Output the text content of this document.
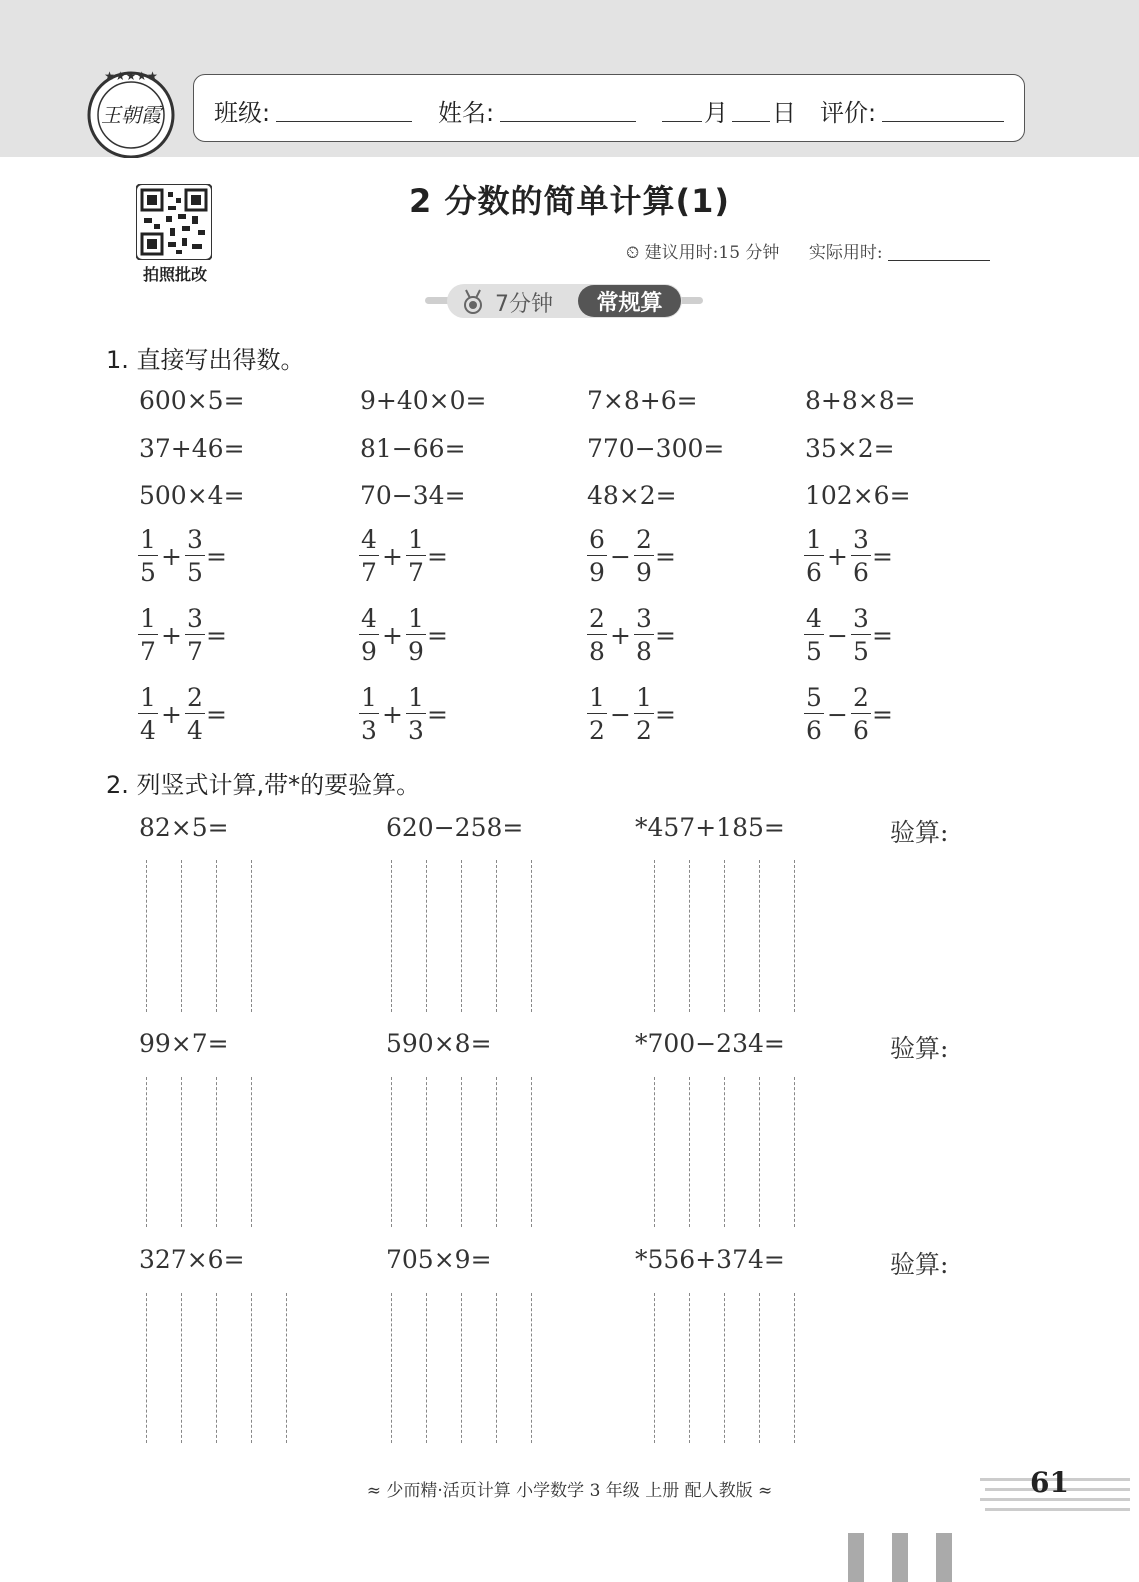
★★★★★
王朝霞 班级:	姓名:	月 日 评价:
拍照批改
2 分数的简单计算(1)
⏲ 建议用时:15 分钟 实际用时:
7分钟	常规算
1. 直接写出得数。
600×5=	9+40×0=	7×8+6=	8+8×8=
37+46=	81−66=	770−300=	35×2=
500×4=	70−34=	48×2=	102×6=
$\frac{1}{5} + \frac{3}{5}$ =	$\frac{4}{7} + \frac{1}{7}$ =	$\frac{6}{9} - \frac{2}{9}$ =	$\frac{1}{6} + \frac{3}{6}$ =
$\frac{1}{7} + \frac{3}{7}$ =	$\frac{4}{9} + \frac{1}{9}$ =	$\frac{2}{8} + \frac{3}{8}$ =	$\frac{4}{5} - \frac{3}{5}$ =
$\frac{1}{4} + \frac{2}{4}$ =	$\frac{1}{3} + \frac{1}{3}$ =	$\frac{1}{2} - \frac{1}{2}$ =	$\frac{5}{6} - \frac{2}{6}$ =
2. 列竖式计算,带*的要验算。
82×5=	620−258=	*457+185=	验算:
99×7=	590×8=	*700−234=	验算:
327×6=	705×9=	*556+374=	验算:
≈ 少而精·活页计算 小学数学 3 年级 上册 配人教版 ≈	61
